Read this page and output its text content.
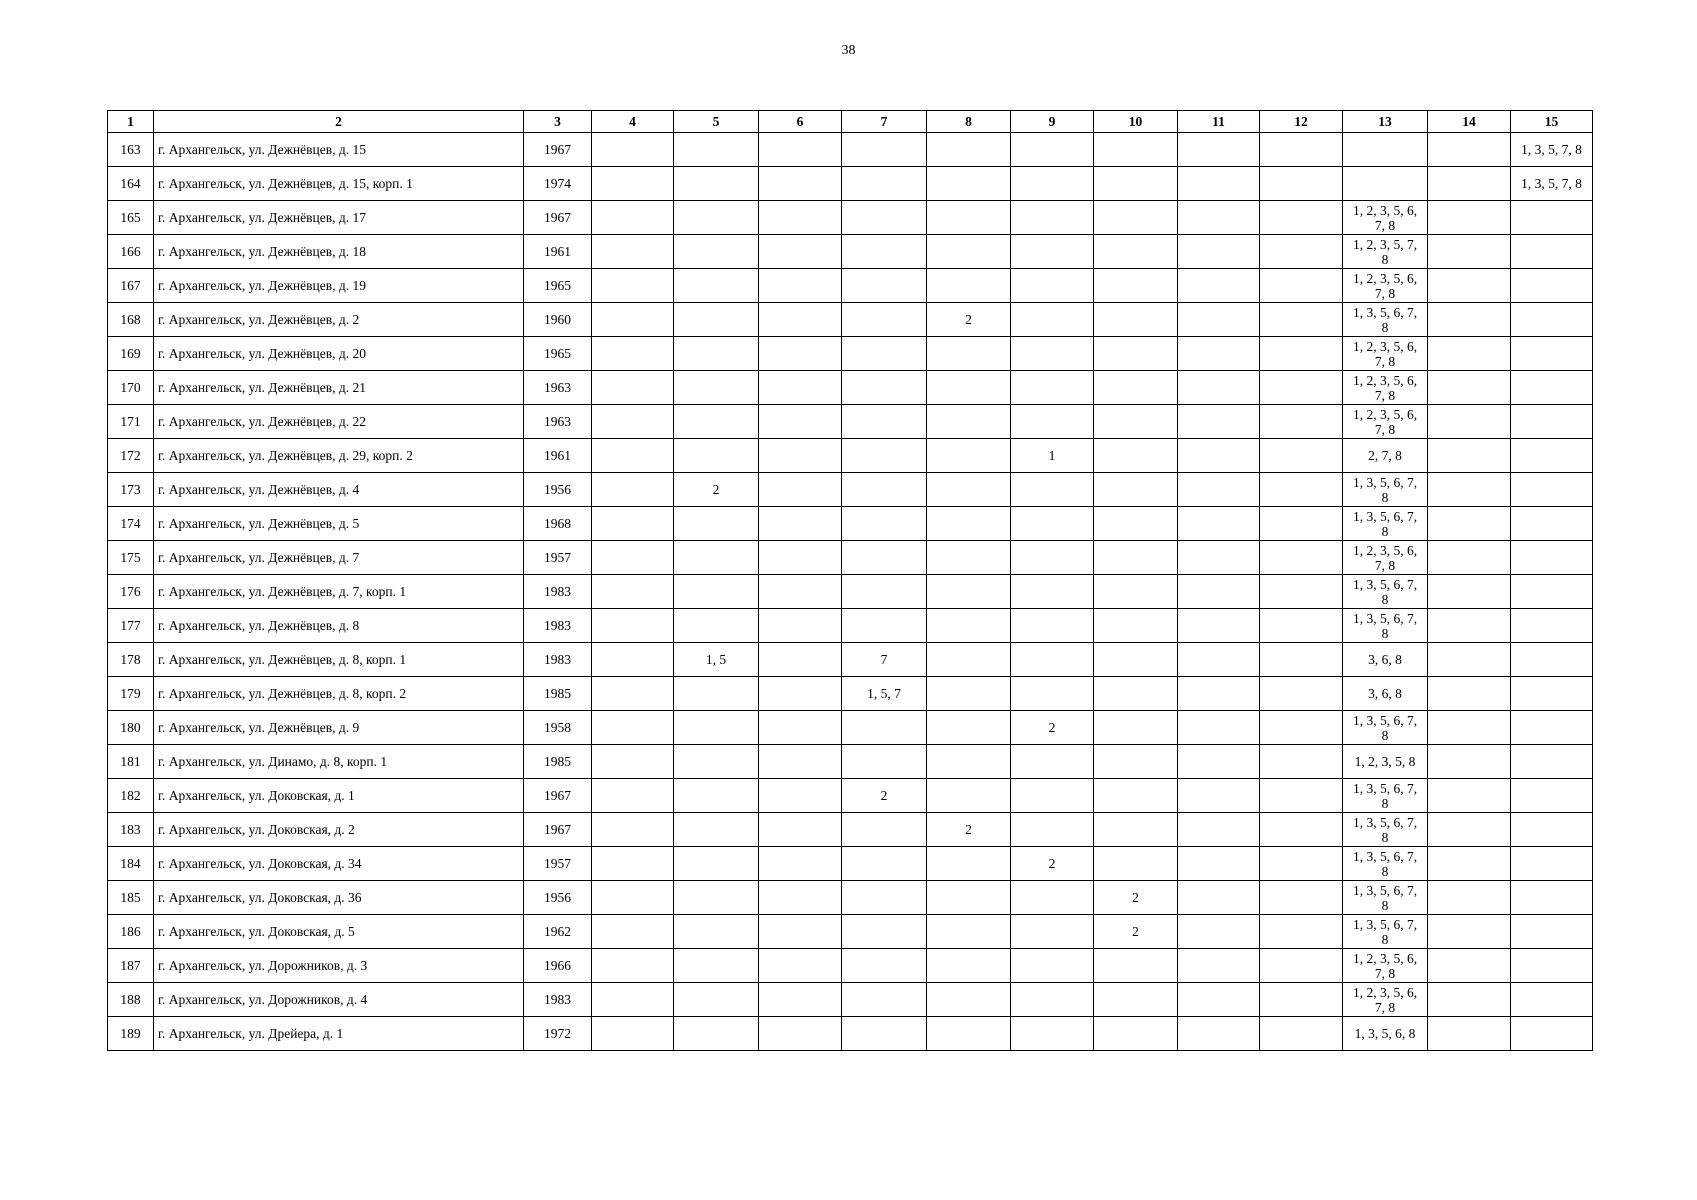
38
1	2	3	4	5	6	7	8	9	10	11	12	13	14	15
163	г. Архангельск, ул. Дежнёвцев, д. 15	1967												1, 3, 5, 7, 8
164	г. Архангельск, ул. Дежнёвцев, д. 15, корп. 1	1974												1, 3, 5, 7, 8
165	г. Архангельск, ул. Дежнёвцев, д. 17	1967										1, 2, 3, 5, 6, 7, 8		
166	г. Архангельск, ул. Дежнёвцев, д. 18	1961										1, 2, 3, 5, 7, 8		
167	г. Архангельск, ул. Дежнёвцев, д. 19	1965										1, 2, 3, 5, 6, 7, 8		
168	г. Архангельск, ул. Дежнёвцев, д. 2	1960					2					1, 3, 5, 6, 7, 8		
169	г. Архангельск, ул. Дежнёвцев, д. 20	1965										1, 2, 3, 5, 6, 7, 8		
170	г. Архангельск, ул. Дежнёвцев, д. 21	1963										1, 2, 3, 5, 6, 7, 8		
171	г. Архангельск, ул. Дежнёвцев, д. 22	1963										1, 2, 3, 5, 6, 7, 8		
172	г. Архангельск, ул. Дежнёвцев, д. 29, корп. 2	1961						1				2, 7, 8		
173	г. Архангельск, ул. Дежнёвцев, д. 4	1956		2								1, 3, 5, 6, 7, 8		
174	г. Архангельск, ул. Дежнёвцев, д. 5	1968										1, 3, 5, 6, 7, 8		
175	г. Архангельск, ул. Дежнёвцев, д. 7	1957										1, 2, 3, 5, 6, 7, 8		
176	г. Архангельск, ул. Дежнёвцев, д. 7, корп. 1	1983										1, 3, 5, 6, 7, 8		
177	г. Архангельск, ул. Дежнёвцев, д. 8	1983										1, 3, 5, 6, 7, 8		
178	г. Архангельск, ул. Дежнёвцев, д. 8, корп. 1	1983		1, 5		7						3, 6, 8		
179	г. Архангельск, ул. Дежнёвцев, д. 8, корп. 2	1985				1, 5, 7						3, 6, 8		
180	г. Архангельск, ул. Дежнёвцев, д. 9	1958						2				1, 3, 5, 6, 7, 8		
181	г. Архангельск, ул. Динамо, д. 8, корп. 1	1985										1, 2, 3, 5, 8		
182	г. Архангельск, ул. Доковская, д. 1	1967				2						1, 3, 5, 6, 7, 8		
183	г. Архангельск, ул. Доковская, д. 2	1967					2					1, 3, 5, 6, 7, 8		
184	г. Архангельск, ул. Доковская, д. 34	1957						2				1, 3, 5, 6, 7, 8		
185	г. Архангельск, ул. Доковская, д. 36	1956							2			1, 3, 5, 6, 7, 8		
186	г. Архангельск, ул. Доковская, д. 5	1962							2			1, 3, 5, 6, 7, 8		
187	г. Архангельск, ул. Дорожников, д. 3	1966										1, 2, 3, 5, 6, 7, 8		
188	г. Архангельск, ул. Дорожников, д. 4	1983										1, 2, 3, 5, 6, 7, 8		
189	г. Архангельск, ул. Дрейера, д. 1	1972										1, 3, 5, 6, 8		
